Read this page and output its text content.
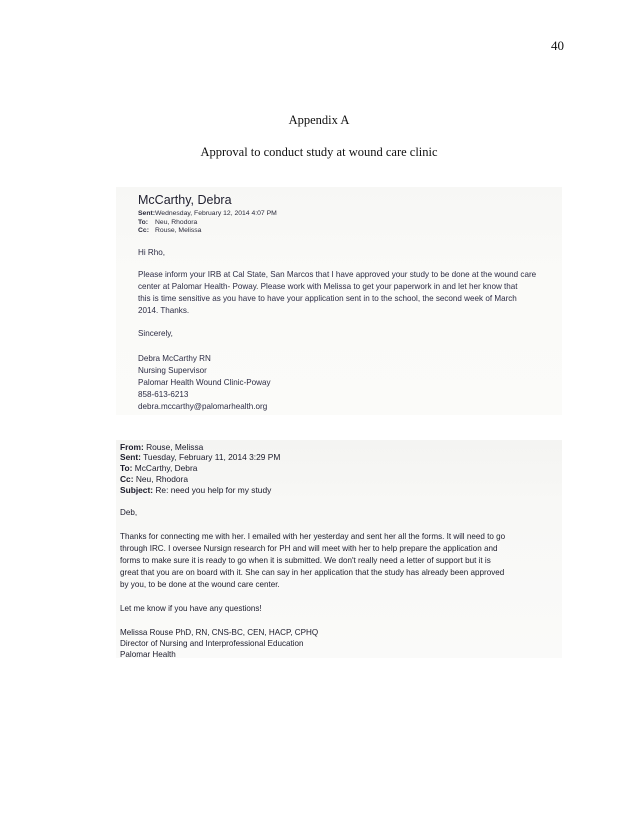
40
Appendix A
Approval to conduct study at wound care clinic
McCarthy, Debra
Sent:Wednesday, February 12, 2014 4:07 PM
To: Neu, Rhodora
Cc: Rouse, Melissa
Hi Rho,
Please inform your IRB at Cal State, San Marcos that I have approved your study to be done at the wound care
center at Palomar Health- Poway. Please work with Melissa to get your paperwork in and let her know that
this is time sensitive as you have to have your application sent in to the school, the second week of March
2014. Thanks.
Sincerely,
Debra McCarthy RN
Nursing Supervisor
Palomar Health Wound Clinic-Poway
858-613-6213
debra.mccarthy@palomarhealth.org
From: Rouse, Melissa
Sent: Tuesday, February 11, 2014 3:29 PM
To: McCarthy, Debra
Cc: Neu, Rhodora
Subject: Re: need you help for my study
Deb,
Thanks for connecting me with her. I emailed with her yesterday and sent her all the forms. It will need to go
through IRC. I oversee Nursign research for PH and will meet with her to help prepare the application and
forms to make sure it is ready to go when it is submitted. We don't really need a letter of support but it is
great that you are on board with it. She can say in her application that the study has already been approved
by you, to be done at the wound care center.
Let me know if you have any questions!
Melissa Rouse PhD, RN, CNS-BC, CEN, HACP, CPHQ
Director of Nursing and Interprofessional Education
Palomar Health
